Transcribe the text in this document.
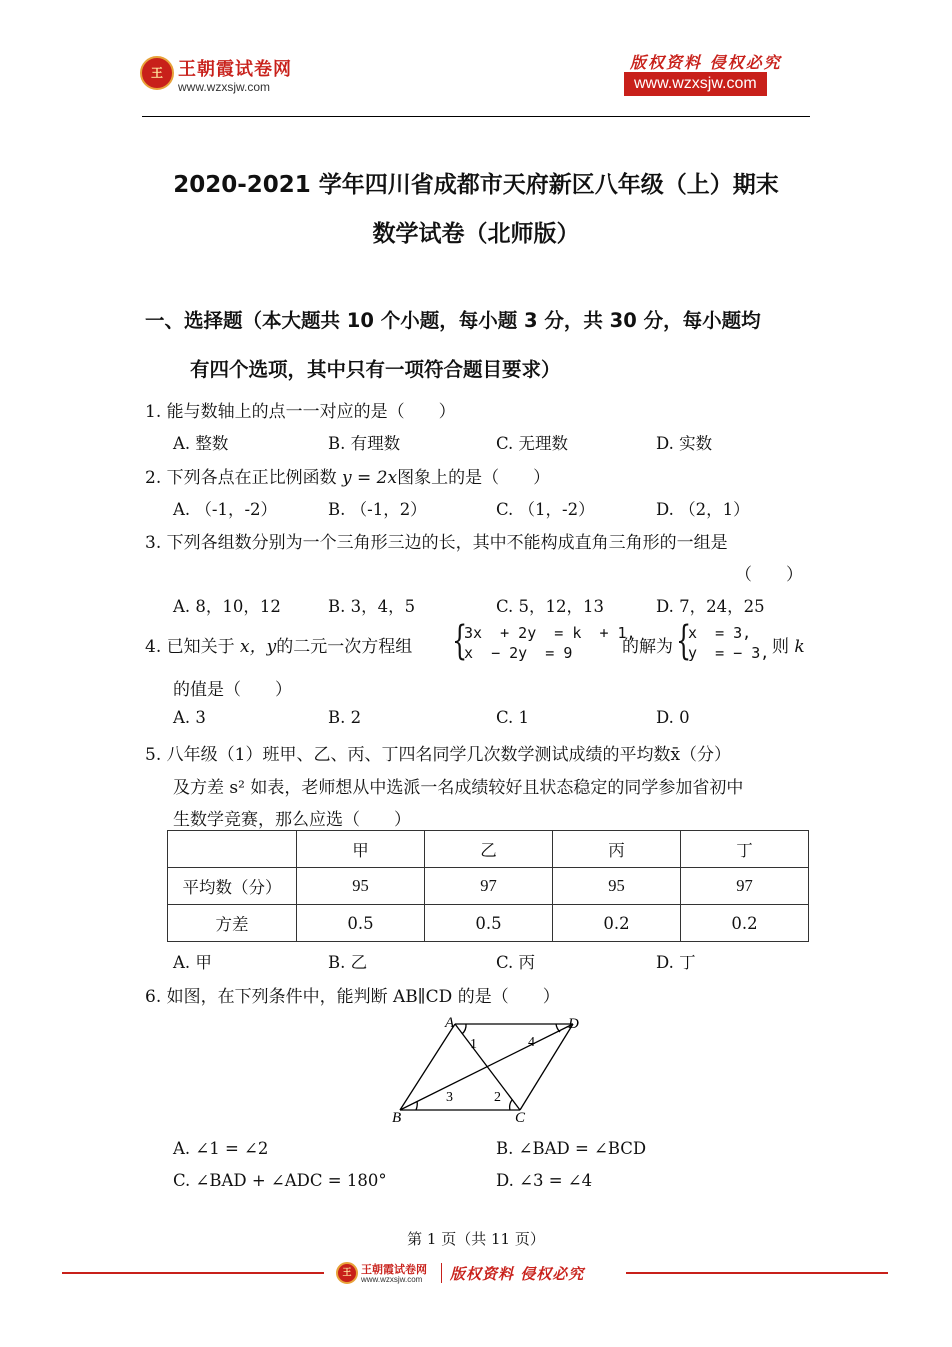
王 王朝霞试卷网
www.wzxsjw.com
版权资料 侵权必究
www.wzxsjw.com
2020-2021 学年四川省成都市天府新区八年级（上）期末
数学试卷（北师版）
一、选择题（本大题共 10 个小题，每小题 3 分，共 30 分，每小题均
有四个选项，其中只有一项符合题目要求）
1. 能与数轴上的点一一对应的是（　　）
A. 整数	B. 有理数	C. 无理数	D. 实数
2. 下列各点在正比例函数 y = 2x图象上的是（　　）
A. （-1，-2）	B. （-1，2）	C. （1，-2）	D. （2，1）
3. 下列各组数分别为一个三角形三边的长，其中不能构成直角三角形的一组是
（　　）
A. 8，10，12	B. 3，4，5	C. 5，12，13	D. 7，24，25
4. 已知关于 x，y的二元一次方程组 {
3x  + 2y  = k  + 1,
x  − 2y  = 9	的解为 {
x  = 3,
y  = − 3, 则 k
的值是（　　）
A. 3	B. 2	C. 1	D. 0
5. 八年级（1）班甲、乙、丙、丁四名同学几次数学测试成绩的平均数x̄（分）
及方差 s² 如表，老师想从中选派一名成绩较好且状态稳定的同学参加省初中
生数学竞赛，那么应选（　　）
	甲	乙	丙	丁
平均数（分）	95	97	95	97
方差	0.5	0.5	0.2	0.2
A. 甲	B. 乙	C. 丙	D. 丁
6. 如图，在下列条件中，能判断 AB∥CD 的是（　　）
A	D
B	C
1	4
3	2
A. ∠1 = ∠2	B. ∠BAD = ∠BCD
C. ∠BAD + ∠ADC = 180°	D. ∠3 = ∠4
第 1 页（共 11 页）
王 王朝霞试卷网
www.wzxsjw.com 版权资料 侵权必究
